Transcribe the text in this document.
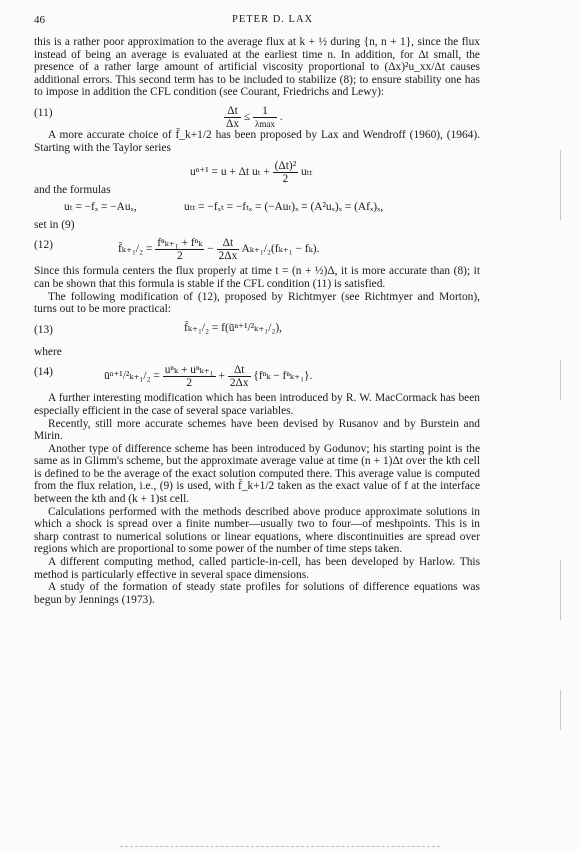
46	PETER D. LAX

this is a rather poor approximation to the average flux at k + ½ during {n, n + 1}, since the flux instead of being an average is evaluated at the earliest time n. In addition, for Δt small, the presence of a rather large amount of artificial viscosity proportional to (Δx)²u_xx/Δt causes additional errors. This second term has to be included to stabilize (8); to ensure stability one has to impose in addition the CFL condition (see Courant, Friedrichs and Lewy):

(11)	$\frac{\Delta t}{\Delta x} \le \frac{1}{\lambda\max}$ .

A more accurate choice of f̄_k+1/2 has been proposed by Lax and Wendroff (1960), (1964). Starting with the Taylor series

uⁿ⁺¹ = u + Δt $u_t + \frac{\text{(Δt)²}}{2}$ uₜₜ

and the formulas

uₜ = −fₓ = −Auₓ,	uₜₜ = −fₓₜ = −fₜₓ = (−Auₜ)ₓ = (A²uₓ)ₓ = (Afₓ)ₓ,

set in (9)

(12)	f̄ₖ₊₁/₂ = $\frac{\text{fⁿₖ₊₁ + fⁿₖ}}{2} - \frac{\Delta t}{2\Delta x} A_{k+1}/_2(f_{k+1} - f_k)$.

Since this formula centers the flux properly at time t = (n + ½)Δ, it is more accurate than (8); it can be shown that this formula is stable if the CFL condition (11) is satisfied.

The following modification of (12), proposed by Richtmyer (see Richtmyer and Morton), turns out to be more practical:

(13)	f̄ₖ₊₁/₂ = f(ūⁿ⁺¹/²ₖ₊₁/₂),

where

(14)	ūⁿ⁺¹/²ₖ₊₁/₂ = $\frac{\text{uⁿₖ + uⁿₖ₊₁}}{2} + \frac{\Delta t}{2\Delta x} \{f^n_k - f^n_{k+1}\}$.

A further interesting modification which has been introduced by R. W. MacCormack has been especially efficient in the case of several space variables.

Recently, still more accurate schemes have been devised by Rusanov and by Burstein and Mirin.

Another type of difference scheme has been introduced by Godunov; his starting point is the same as in Glimm's scheme, but the approximate average value at time (n + 1)Δt over the kth cell is defined to be the average of the exact solution computed there. This average value is computed from the flux relation, i.e., (9) is used, with f̄_k+1/2 taken as the exact value of f at the interface between the kth and (k + 1)st cell.

Calculations performed with the methods described above produce approximate solutions in which a shock is spread over a finite number—usually two to four—of meshpoints. This is in sharp contrast to numerical solutions or linear equations, where discontinuities are spread over regions which are proportional to some power of the number of time steps taken.

A different computing method, called particle-in-cell, has been developed by Harlow. This method is particularly effective in several space dimensions.

A study of the formation of steady state profiles for solutions of difference equations was begun by Jennings (1973).
